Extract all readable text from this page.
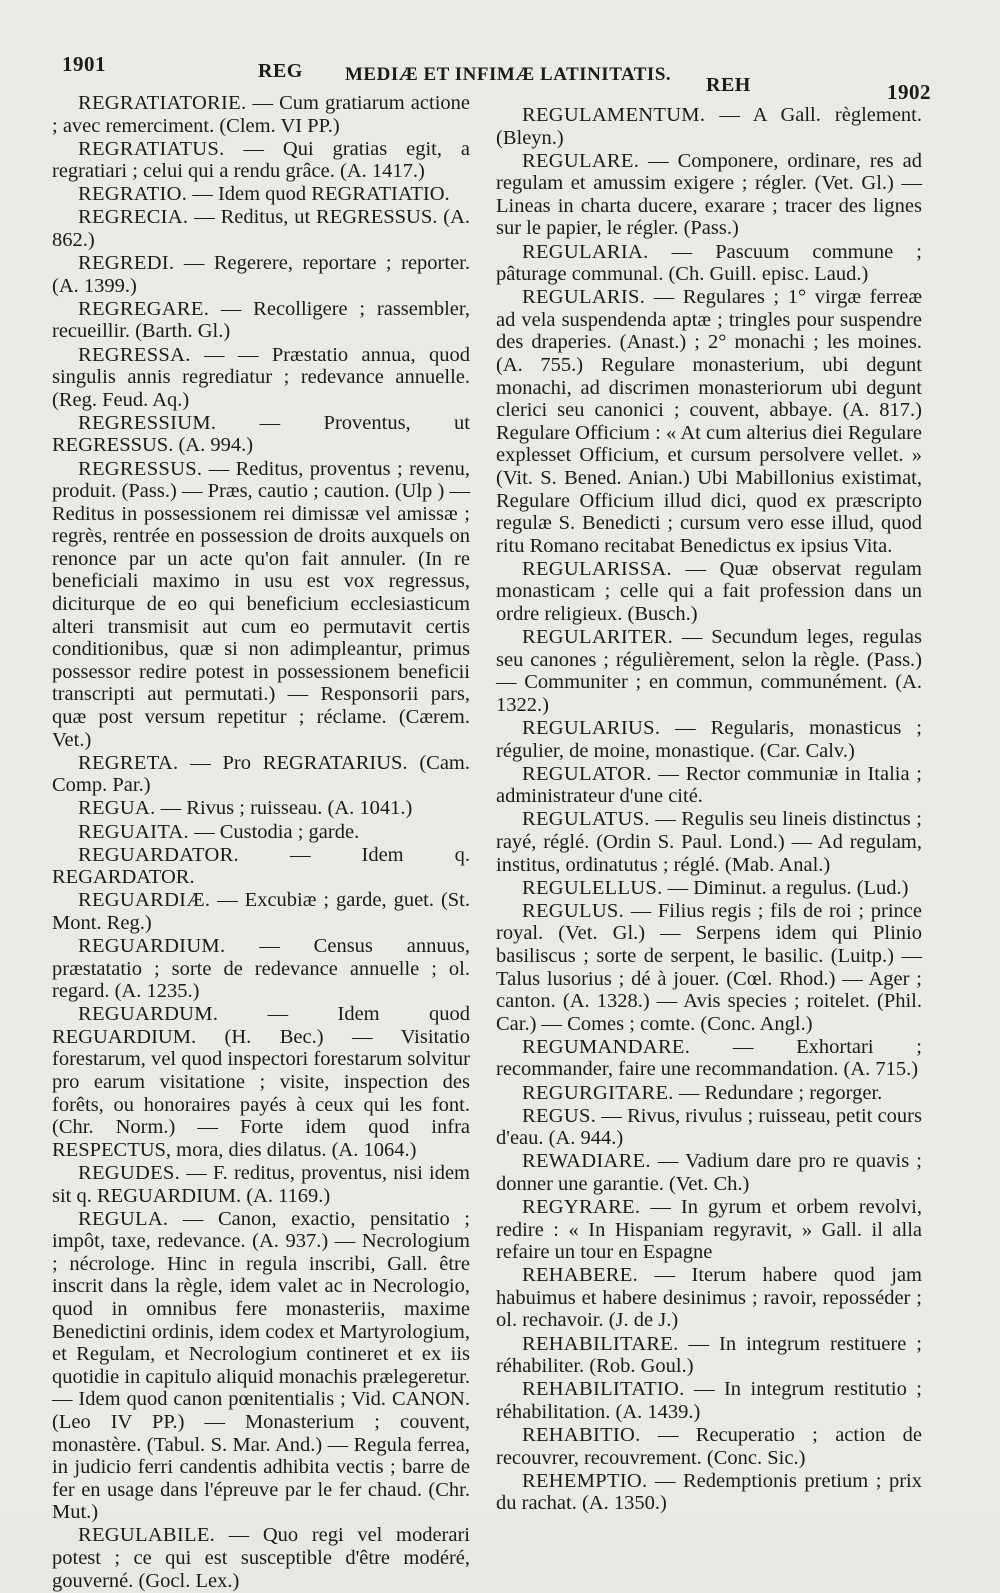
1901	REG MEDIÆ ET INFIMÆ LATINITATIS. REH	1902

REGRATIATORIE. — Cum gratiarum actione ; avec remerciment. (Clem. VI PP.)

REGRATIATUS. — Qui gratias egit, a regratiari ; celui qui a rendu grâce. (A. 1417.)

REGRATIO. — Idem quod REGRATIATIO.

REGRECIA. — Reditus, ut REGRESSUS. (A. 862.)

REGREDI. — Regerere, reportare ; reporter. (A. 1399.)

REGREGARE. — Recolligere ; rassembler, recueillir. (Barth. Gl.)

REGRESSA. — — Præstatio annua, quod singulis annis regrediatur ; redevance annuelle. (Reg. Feud. Aq.)

REGRESSIUM. — Proventus, ut REGRESSUS. (A. 994.)

REGRESSUS. — Reditus, proventus ; revenu, produit. (Pass.) — Præs, cautio ; caution. (Ulp ) — Reditus in possessionem rei dimissæ vel amissæ ; regrès, rentrée en possession de droits auxquels on renonce par un acte qu'on fait annuler. (In re beneficiali maximo in usu est vox regressus, diciturque de eo qui beneficium ecclesiasticum alteri transmisit aut cum eo permutavit certis conditionibus, quæ si non adimpleantur, primus possessor redire potest in possessionem beneficii transcripti aut permutati.) — Responsorii pars, quæ post versum repetitur ; réclame. (Cærem. Vet.)

REGRETA. — Pro REGRATARIUS. (Cam. Comp. Par.)

REGUA. — Rivus ; ruisseau. (A. 1041.)

REGUAITA. — Custodia ; garde.

REGUARDATOR. — Idem q. REGARDATOR.

REGUARDIÆ. — Excubiæ ; garde, guet. (St. Mont. Reg.)

REGUARDIUM. — Census annuus, præstatatio ; sorte de redevance annuelle ; ol. regard. (A. 1235.)

REGUARDUM. — Idem quod REGUARDIUM. (H. Bec.) — Visitatio forestarum, vel quod inspectori forestarum solvitur pro earum visitatione ; visite, inspection des forêts, ou honoraires payés à ceux qui les font. (Chr. Norm.) — Forte idem quod infra RESPECTUS, mora, dies dilatus. (A. 1064.)

REGUDES. — F. reditus, proventus, nisi idem sit q. REGUARDIUM. (A. 1169.)

REGULA. — Canon, exactio, pensitatio ; impôt, taxe, redevance. (A. 937.) — Necrologium ; nécrologe. Hinc in regula inscribi, Gall. être inscrit dans la règle, idem valet ac in Necrologio, quod in omnibus fere monasteriis, maxime Benedictini ordinis, idem codex et Martyrologium, et Regulam, et Necrologium contineret et ex iis quotidie in capitulo aliquid monachis prælegeretur. — Idem quod canon pœnitentialis ; Vid. CANON. (Leo IV PP.) — Monasterium ; couvent, monastère. (Tabul. S. Mar. And.) — Regula ferrea, in judicio ferri candentis adhibita vectis ; barre de fer en usage dans l'épreuve par le fer chaud. (Chr. Mut.)

REGULABILE. — Quo regi vel moderari potest ; ce qui est susceptible d'être modéré, gouverné. (Gocl. Lex.)

REGULAMENTUM. — A Gall. règlement. (Bleyn.)

REGULARE. — Componere, ordinare, res ad regulam et amussim exigere ; régler. (Vet. Gl.) — Lineas in charta ducere, exarare ; tracer des lignes sur le papier, le régler. (Pass.)

REGULARIA. — Pascuum commune ; pâturage communal. (Ch. Guill. episc. Laud.)

REGULARIS. — Regulares ; 1° virgæ ferreæ ad vela suspendenda aptæ ; tringles pour suspendre des draperies. (Anast.) ; 2° monachi ; les moines. (A. 755.) Regulare monasterium, ubi degunt monachi, ad discrimen monasteriorum ubi degunt clerici seu canonici ; couvent, abbaye. (A. 817.) Regulare Officium : « At cum alterius diei Regulare explesset Officium, et cursum persolvere vellet. » (Vit. S. Bened. Anian.) Ubi Mabillonius existimat, Regulare Officium illud dici, quod ex præscripto regulæ S. Benedicti ; cursum vero esse illud, quod ritu Romano recitabat Benedictus ex ipsius Vita.

REGULARISSA. — Quæ observat regulam monasticam ; celle qui a fait profession dans un ordre religieux. (Busch.)

REGULARITER. — Secundum leges, regulas seu canones ; régulièrement, selon la règle. (Pass.) — Communiter ; en commun, communément. (A. 1322.)

REGULARIUS. — Regularis, monasticus ; régulier, de moine, monastique. (Car. Calv.)

REGULATOR. — Rector communiæ in Italia ; administrateur d'une cité.

REGULATUS. — Regulis seu lineis distinctus ; rayé, réglé. (Ordin S. Paul. Lond.) — Ad regulam, institus, ordinatutus ; réglé. (Mab. Anal.)

REGULELLUS. — Diminut. a regulus. (Lud.)

REGULUS. — Filius regis ; fils de roi ; prince royal. (Vet. Gl.) — Serpens idem qui Plinio basiliscus ; sorte de serpent, le basilic. (Luitp.) — Talus lusorius ; dé à jouer. (Cœl. Rhod.) — Ager ; canton. (A. 1328.) — Avis species ; roitelet. (Phil. Car.) — Comes ; comte. (Conc. Angl.)

REGUMANDARE. — Exhortari ; recommander, faire une recommandation. (A. 715.)

REGURGITARE. — Redundare ; regorger.

REGUS. — Rivus, rivulus ; ruisseau, petit cours d'eau. (A. 944.)

REWADIARE. — Vadium dare pro re quavis ; donner une garantie. (Vet. Ch.)

REGYRARE. — In gyrum et orbem revolvi, redire : « In Hispaniam regyravit, » Gall. il alla refaire un tour en Espagne

REHABERE. — Iterum habere quod jam habuimus et habere desinimus ; ravoir, reposséder ; ol. rechavoir. (J. de J.)

REHABILITARE. — In integrum restituere ; réhabiliter. (Rob. Goul.)

REHABILITATIO. — In integrum restitutio ; réhabilitation. (A. 1439.)

REHABITIO. — Recuperatio ; action de recouvrer, recouvrement. (Conc. Sic.)

REHEMPTIO. — Redemptionis pretium ; prix du rachat. (A. 1350.)
